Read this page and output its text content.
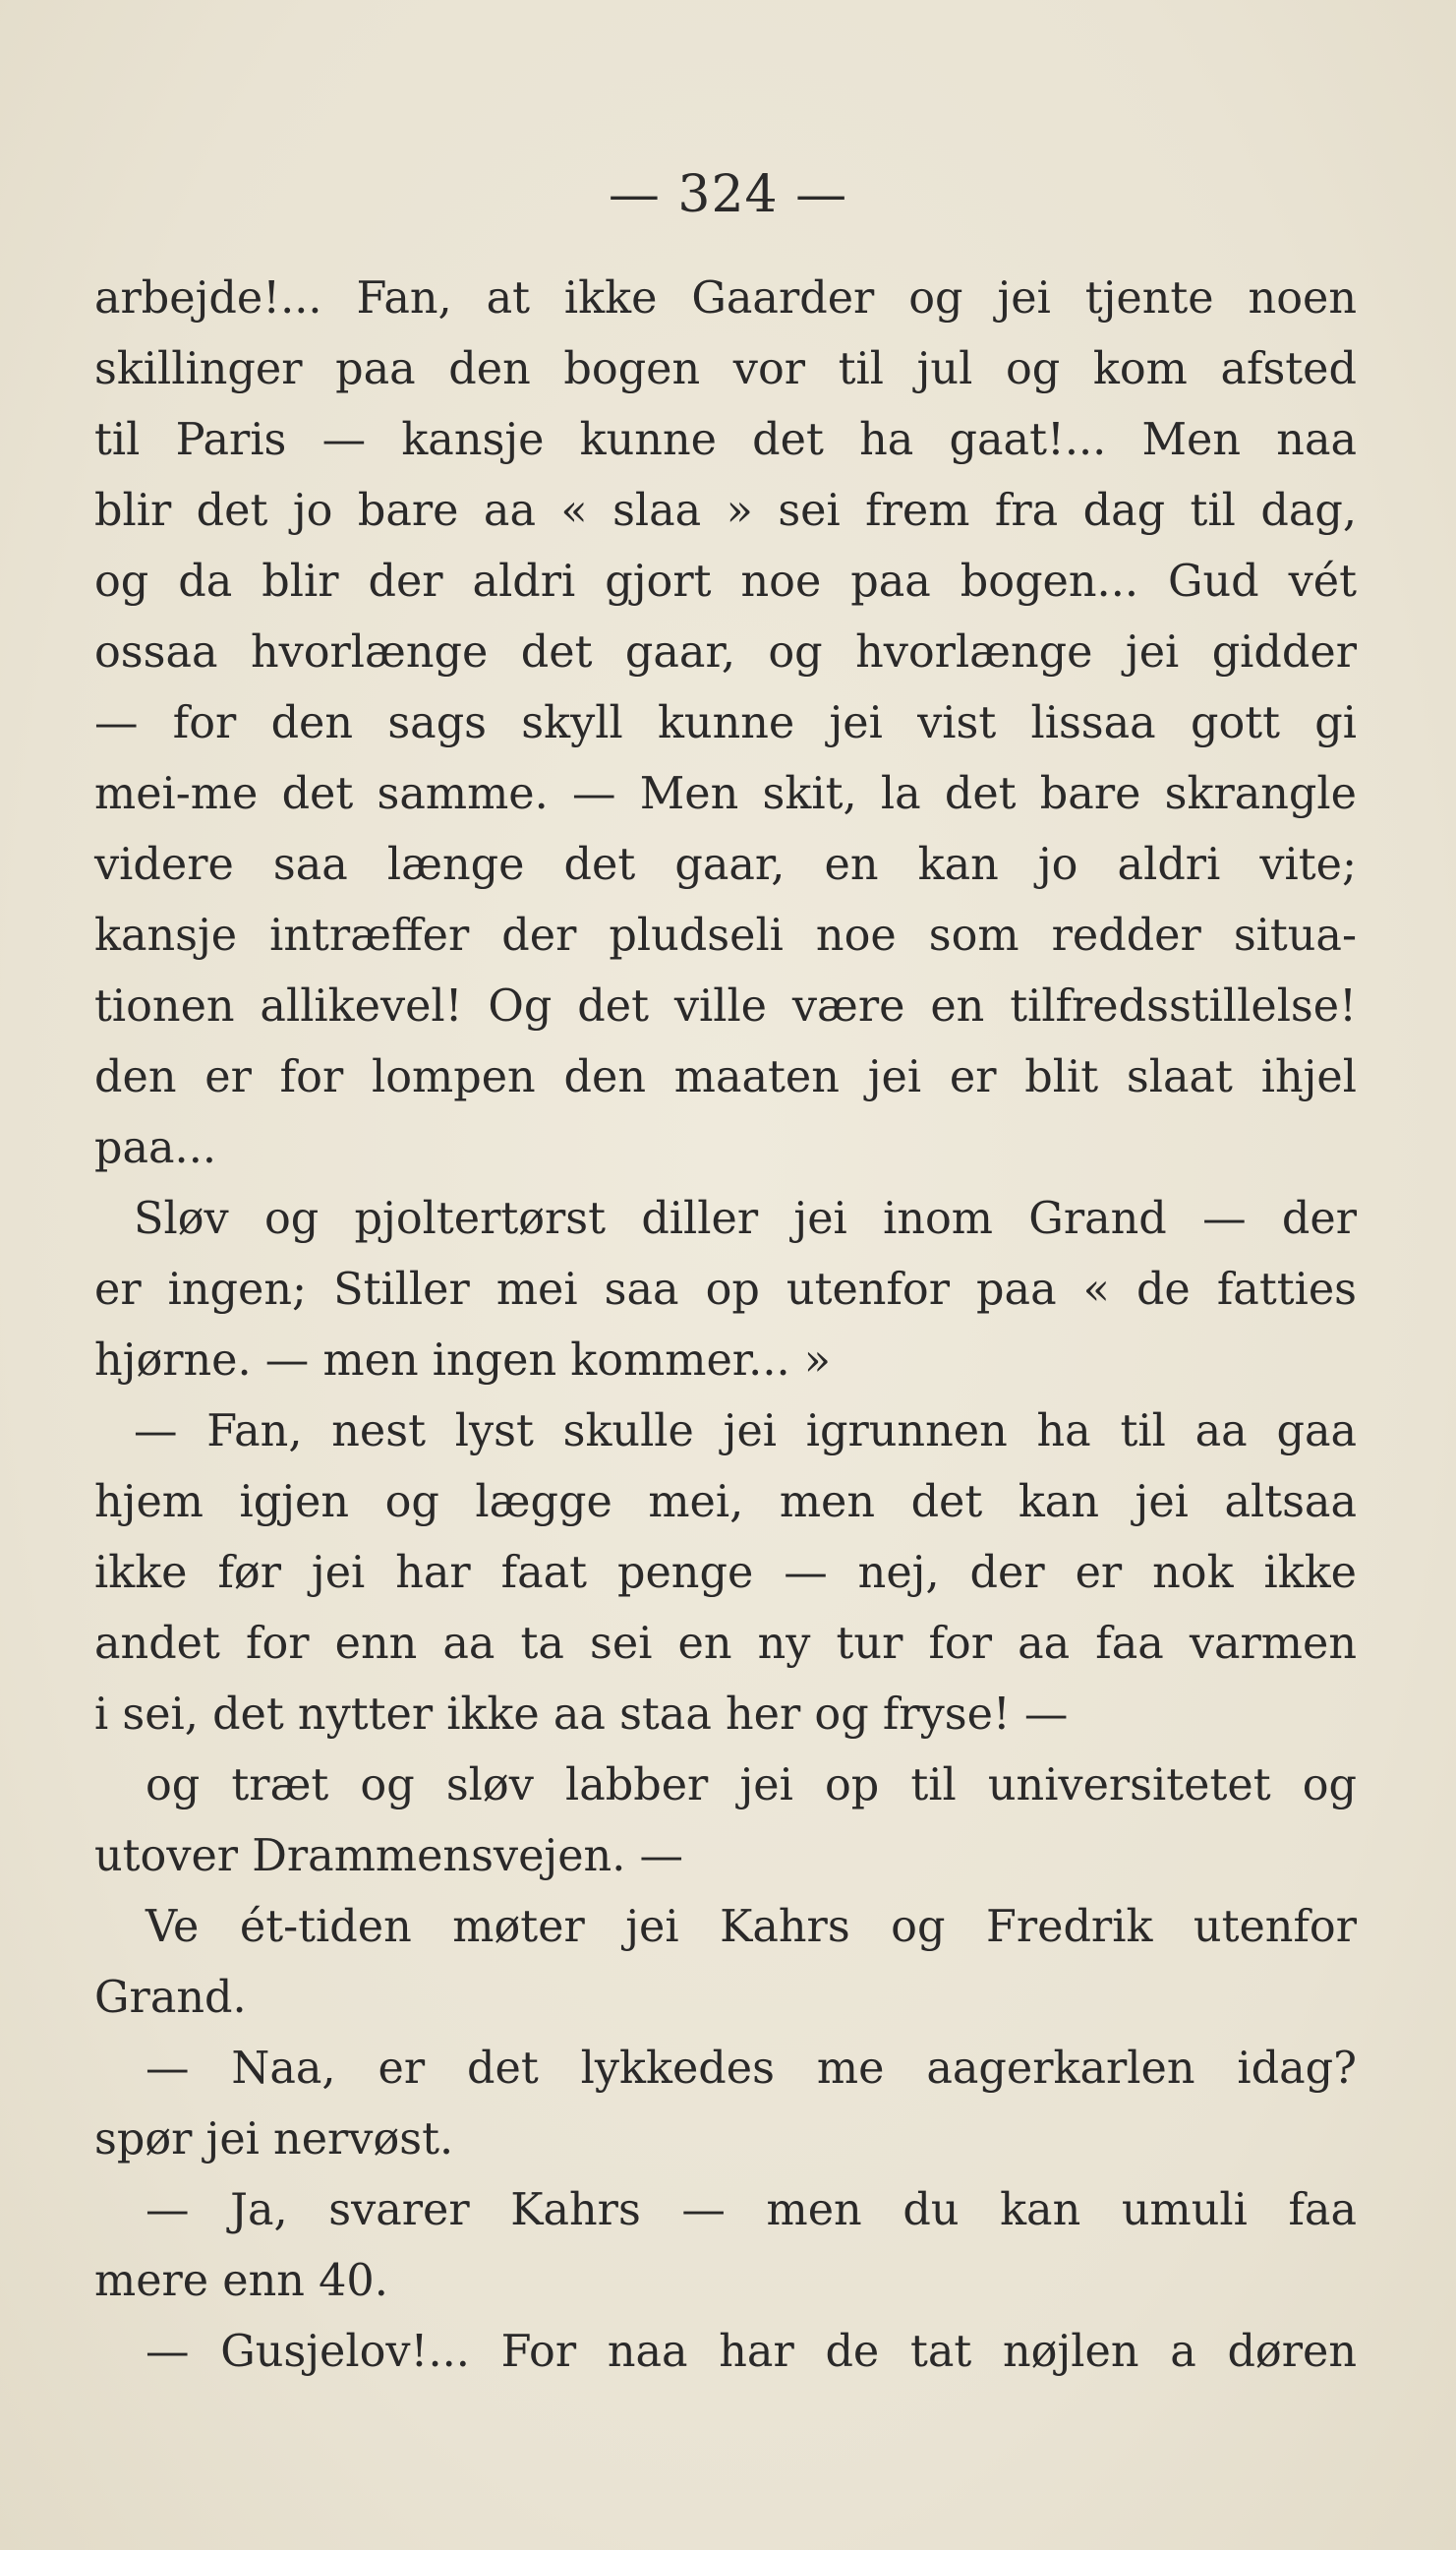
— 324 —
arbejde!... Fan, at ikke Gaarder og jei tjente noen
skillinger paa den bogen vor til jul og kom afsted
til Paris — kansje kunne det ha gaat!... Men naa
blir det jo bare aa « slaa » sei frem fra dag til dag,
og da blir der aldri gjort noe paa bogen... Gud vét
ossaa hvorlænge det gaar, og hvorlænge jei gidder
— for den sags skyll kunne jei vist lissaa gott gi
mei-me det samme. — Men skit, la det bare skrangle
videre saa længe det gaar, en kan jo aldri vite;
kansje intræffer der pludseli noe som redder situa-
tionen allikevel! Og det ville være en tilfredsstillelse!
den er for lompen den maaten jei er blit slaat ihjel
paa...
Sløv og pjoltertørst diller jei inom Grand — der
er ingen; Stiller mei saa op utenfor paa « de fatties
hjørne. — men ingen kommer... »
— Fan, nest lyst skulle jei igrunnen ha til aa gaa
hjem igjen og lægge mei, men det kan jei altsaa
ikke før jei har faat penge — nej, der er nok ikke
andet for enn aa ta sei en ny tur for aa faa varmen
i sei, det nytter ikke aa staa her og fryse! —
og træt og sløv labber jei op til universitetet og
utover Drammensvejen. —
Ve ét-tiden møter jei Kahrs og Fredrik utenfor
Grand.
— Naa, er det lykkedes me aagerkarlen idag?
spør jei nervøst.
— Ja, svarer Kahrs — men du kan umuli faa
mere enn 40.
— Gusjelov!... For naa har de tat nøjlen a døren
